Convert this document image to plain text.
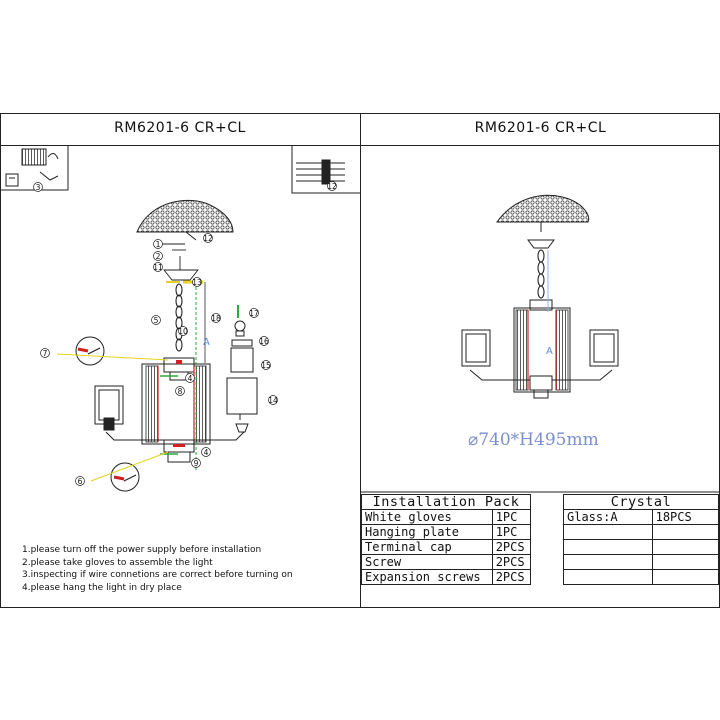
RM6201-6 CR+CL	RM6201-6 CR+CL
3
12
12
1
2
11
13
5
10
18
17
16
15
14
7
6
4
8
4
9
A
A
⌀740*H495mm
1.please turn off the power supply before installation
2.please take gloves to assemble the light
3.inspecting if wire connetions are correct before turning on
4.please hang the light in dry place
Installation Pack	
White gloves	1PC
Hanging plate	1PC
Terminal cap	2PCS
Screw	2PCS
Expansion screws	2PCS
Crystal	
Glass:A	18PCS
